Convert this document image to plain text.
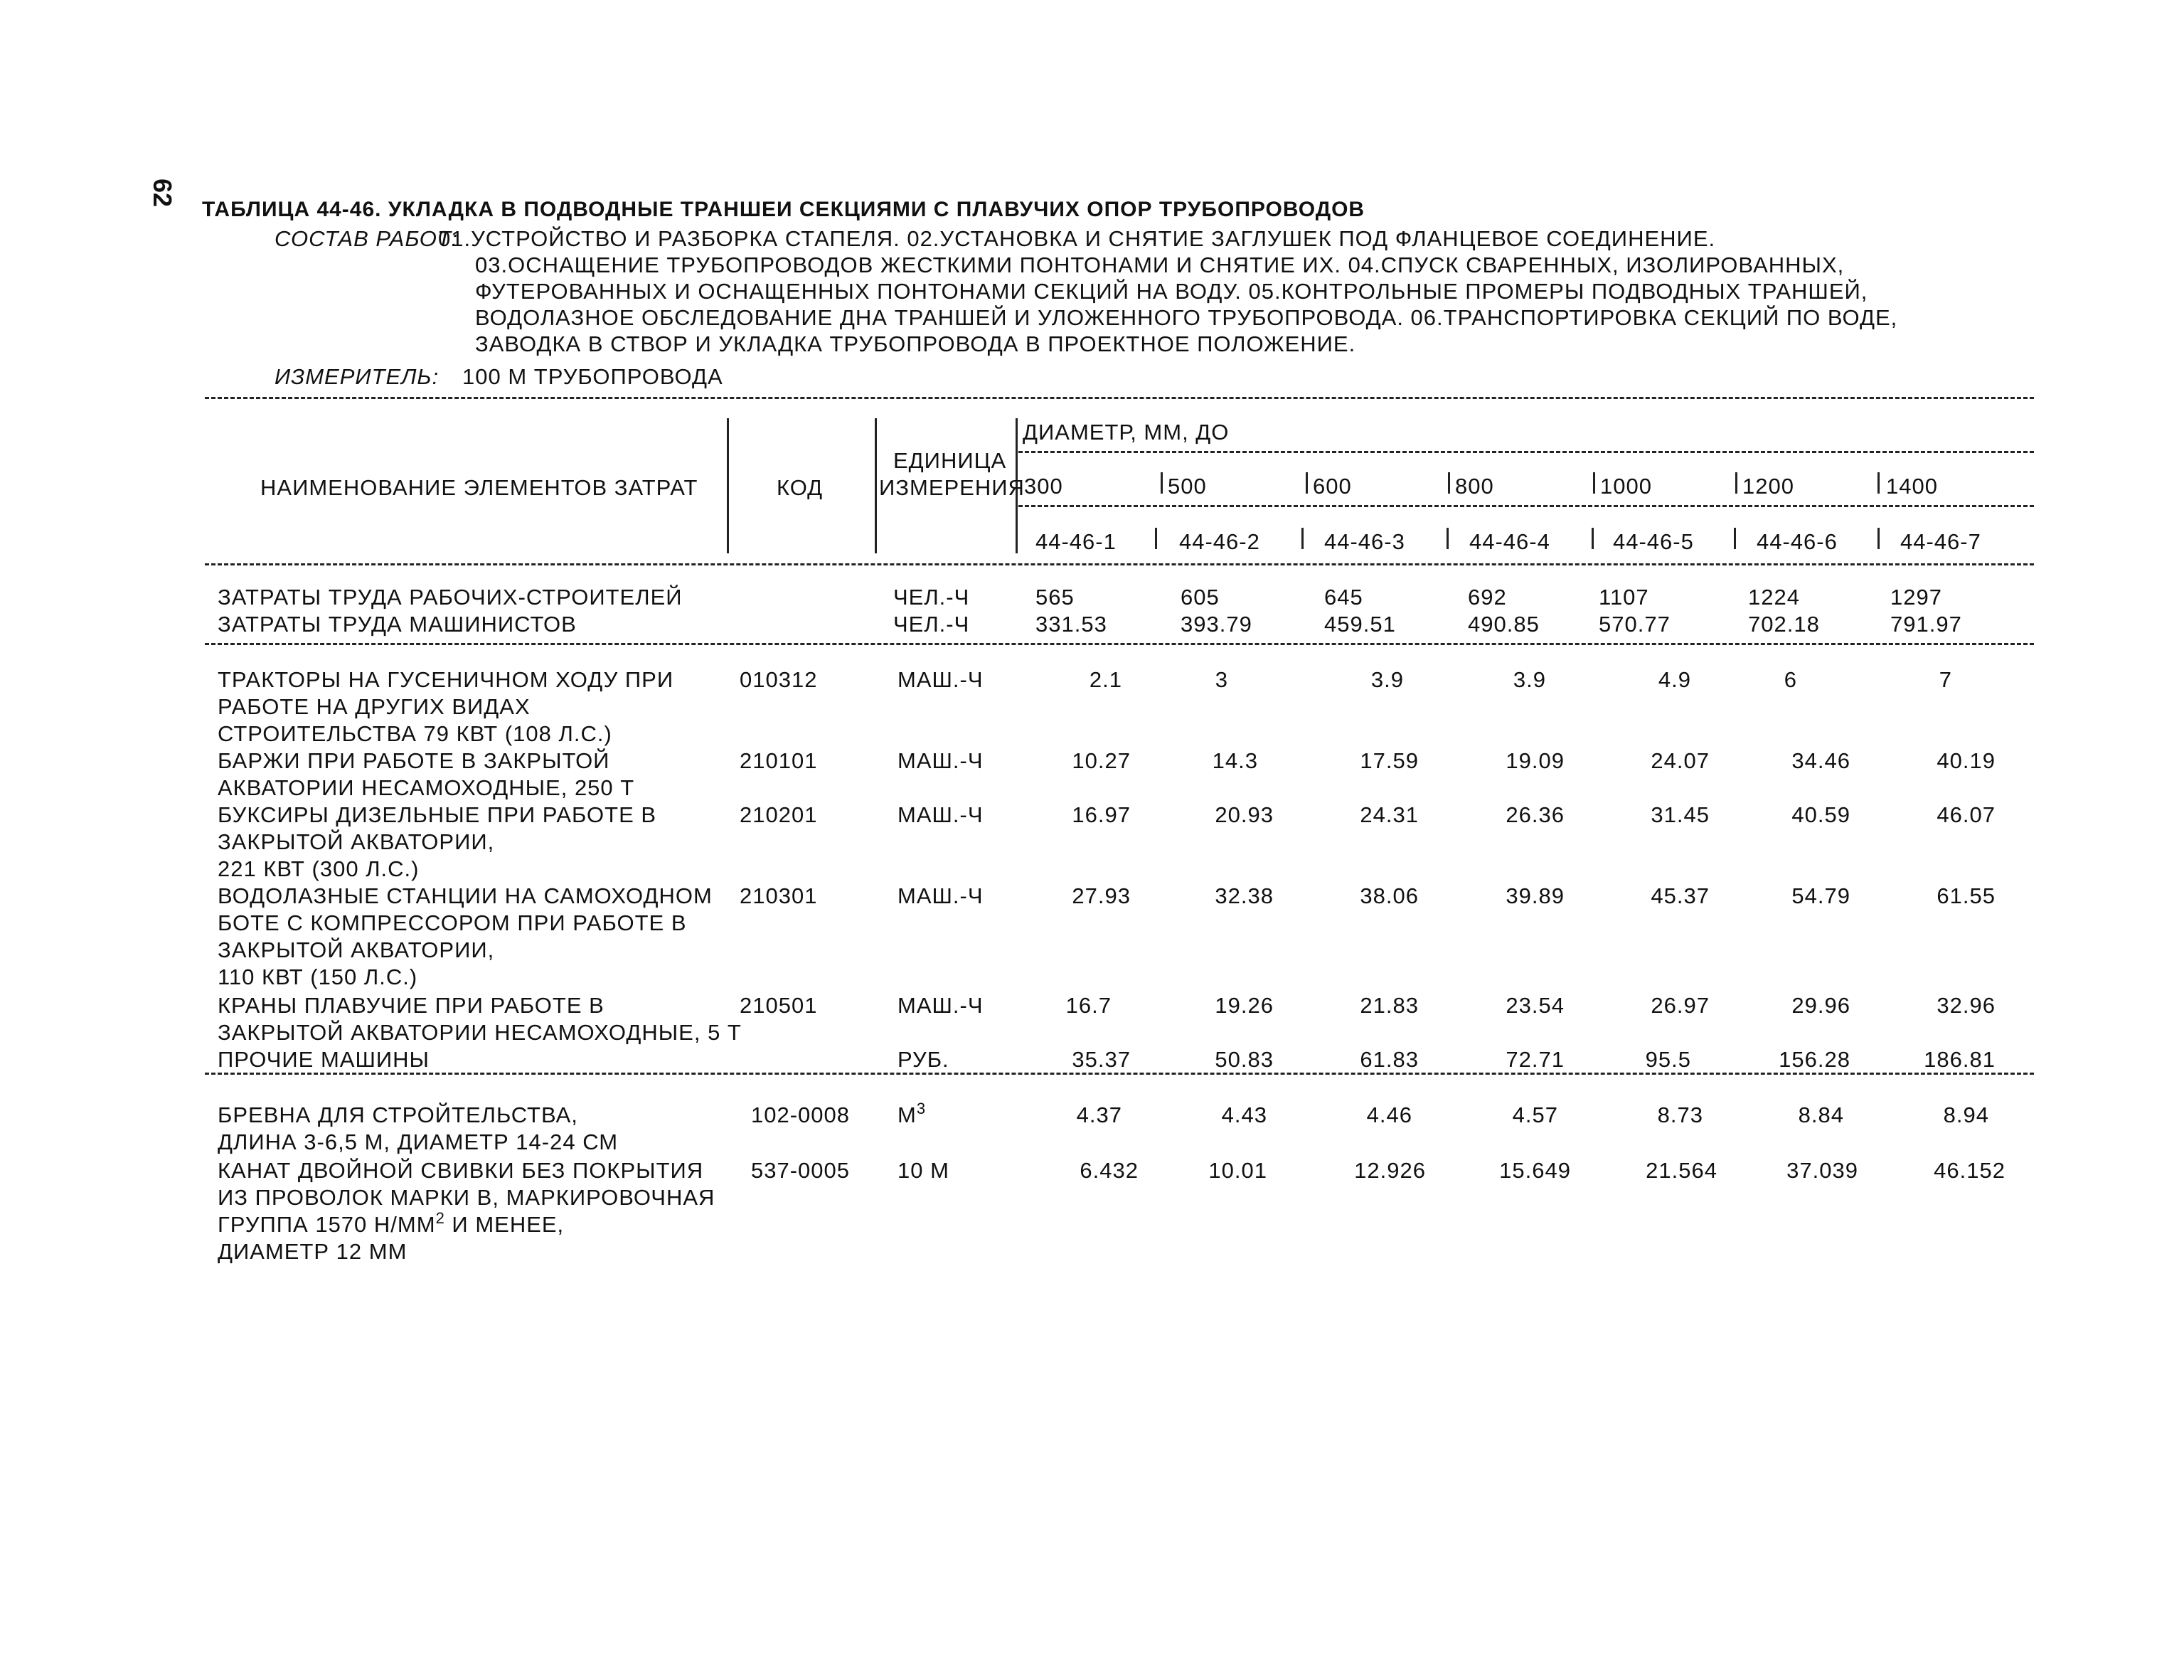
62
ТАБЛИЦА 44-46. УКЛАДКА В ПОДВОДНЫЕ ТРАНШЕИ СЕКЦИЯМИ С ПЛАВУЧИХ ОПОР ТРУБОПРОВОДОВ
СОСТАВ РАБОТ:
01.УСТРОЙСТВО И РАЗБОРКА СТАПЕЛЯ. 02.УСТАНОВКА И СНЯТИЕ ЗАГЛУШЕК ПОД ФЛАНЦЕВОЕ СОЕДИНЕНИЕ.
03.ОСНАЩЕНИЕ ТРУБОПРОВОДОВ ЖЕСТКИМИ ПОНТОНАМИ И СНЯТИЕ ИХ. 04.СПУСК СВАРЕННЫХ, ИЗОЛИРОВАННЫХ,
ФУТЕРОВАННЫХ И ОСНАЩЕННЫХ ПОНТОНАМИ СЕКЦИЙ НА ВОДУ. 05.КОНТРОЛЬНЫЕ ПРОМЕРЫ ПОДВОДНЫХ ТРАНШЕЙ,
ВОДОЛАЗНОЕ ОБСЛЕДОВАНИЕ ДНА ТРАНШЕЙ И УЛОЖЕННОГО ТРУБОПРОВОДА. 06.ТРАНСПОРТИРОВКА СЕКЦИЙ ПО ВОДЕ,
ЗАВОДКА В СТВОР И УКЛАДКА ТРУБОПРОВОДА В ПРОЕКТНОЕ ПОЛОЖЕНИЕ.
ИЗМЕРИТЕЛЬ: 100 М ТРУБОПРОВОДА
НАИМЕНОВАНИЕ ЭЛЕМЕНТОВ ЗАТРАТ	КОД
ЕДИНИЦА
ИЗМЕРЕНИЯ
ДИАМЕТР, ММ, ДО
300	500	600	800	1000	1200	1400
44-46-1	44-46-2	44-46-3	44-46-4	44-46-5	44-46-6	44-46-7
ЗАТРАТЫ ТРУДА РАБОЧИХ-СТРОИТЕЛЕЙ	ЧЕЛ.-Ч	565	605	645	692	1107	1224	1297
ЗАТРАТЫ ТРУДА МАШИНИСТОВ	ЧЕЛ.-Ч	331.53	393.79	459.51	490.85	570.77	702.18	791.97
ТРАКТОРЫ НА ГУСЕНИЧНОМ ХОДУ ПРИ
РАБОТЕ НА ДРУГИХ ВИДАХ
СТРОИТЕЛЬСТВА 79 КВТ (108 Л.С.)
010312	МАШ.-Ч	2.1	3	3.9	3.9	4.9	6	7
БАРЖИ ПРИ РАБОТЕ В ЗАКРЫТОЙ
АКВАТОРИИ НЕСАМОХОДНЫЕ, 250 Т
210101	МАШ.-Ч	10.27	14.3	17.59	19.09	24.07	34.46	40.19
БУКСИРЫ ДИЗЕЛЬНЫЕ ПРИ РАБОТЕ В
ЗАКРЫТОЙ АКВАТОРИИ,
221 КВТ (300 Л.С.)
210201	МАШ.-Ч	16.97	20.93	24.31	26.36	31.45	40.59	46.07
ВОДОЛАЗНЫЕ СТАНЦИИ НА САМОХОДНОМ
БОТЕ С КОМПРЕССОРОМ ПРИ РАБОТЕ В
ЗАКРЫТОЙ АКВАТОРИИ,
110 КВТ (150 Л.С.)
210301	МАШ.-Ч	27.93	32.38	38.06	39.89	45.37	54.79	61.55
КРАНЫ ПЛАВУЧИЕ ПРИ РАБОТЕ В
ЗАКРЫТОЙ АКВАТОРИИ НЕСАМОХОДНЫЕ, 5 Т
210501	МАШ.-Ч	16.7	19.26	21.83	23.54	26.97	29.96	32.96
ПРОЧИЕ МАШИНЫ	РУБ.	35.37	50.83	61.83	72.71	95.5	156.28	186.81
БРЕВНА ДЛЯ СТРОЙТЕЛЬСТВА,
ДЛИНА 3-6,5 М, ДИАМЕТР 14-24 СМ
102-0008 $М^3$	4.37	4.43	4.46	4.57	8.73	8.84	8.94
КАНАТ ДВОЙНОЙ СВИВКИ БЕЗ ПОКРЫТИЯ
ИЗ ПРОВОЛОК МАРКИ В, МАРКИРОВОЧНАЯ
ГРУППА 1570 $Н/ММ^2$ И МЕНЕЕ,
ДИАМЕТР 12 ММ
537-0005 10 М	6.432	10.01	12.926	15.649	21.564	37.039	46.152
